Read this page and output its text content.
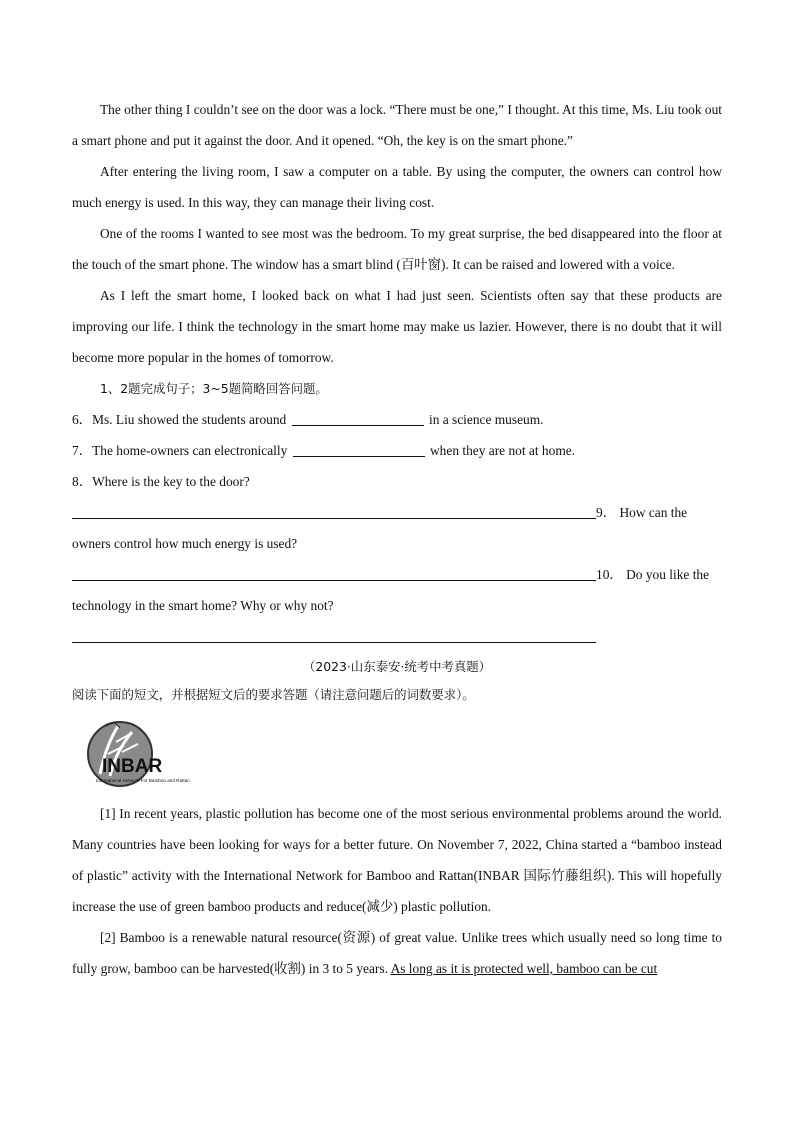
The other thing I couldn’t see on the door was a lock. “There must be one,” I thought. At this time, Ms. Liu took out a smart phone and put it against the door. And it opened. “Oh, the key is on the smart phone.”

After entering the living room, I saw a computer on a table. By using the computer, the owners can control how much energy is used. In this way, they can manage their living cost.

One of the rooms I wanted to see most was the bedroom. To my great surprise, the bed disappeared into the floor at the touch of the smart phone. The window has a smart blind (百叶窗). It can be raised and lowered with a voice.

As I left the smart home, I looked back on what I had just seen. Scientists often say that these products are improving our life. I think the technology in the smart home may make us lazier. However, there is no doubt that it will become more popular in the homes of tomorrow.

1、2题完成句子；3~5题简略回答问题。

6．Ms. Liu showed the students around	in a science museum.

7．The home-owners can electronically	when they are not at home.

8．Where is the key to the door?

9． How can the

owners control how much energy is used?

10． Do you like the

technology in the smart home? Why or why not?

（2023·山东泰安·统考中考真题）

阅读下面的短文，并根据短文后的要求答题（请注意问题后的词数要求）。

INBAR
International Network For Bamboo and Rattan

[1] In recent years, plastic pollution has become one of the most serious environmental problems around the world. Many countries have been looking for ways for a better future. On November 7, 2022, China started a “bamboo instead of plastic” activity with the International Network for Bamboo and Rattan(INBAR 国际竹藤组织). This will hopefully increase the use of green bamboo products and reduce(减少) plastic pollution.

[2] Bamboo is a renewable natural resource(资源) of great value. Unlike trees which usually need so long time to fully grow, bamboo can be harvested(收割) in 3 to 5 years. As long as it is protected well, bamboo can be cut
